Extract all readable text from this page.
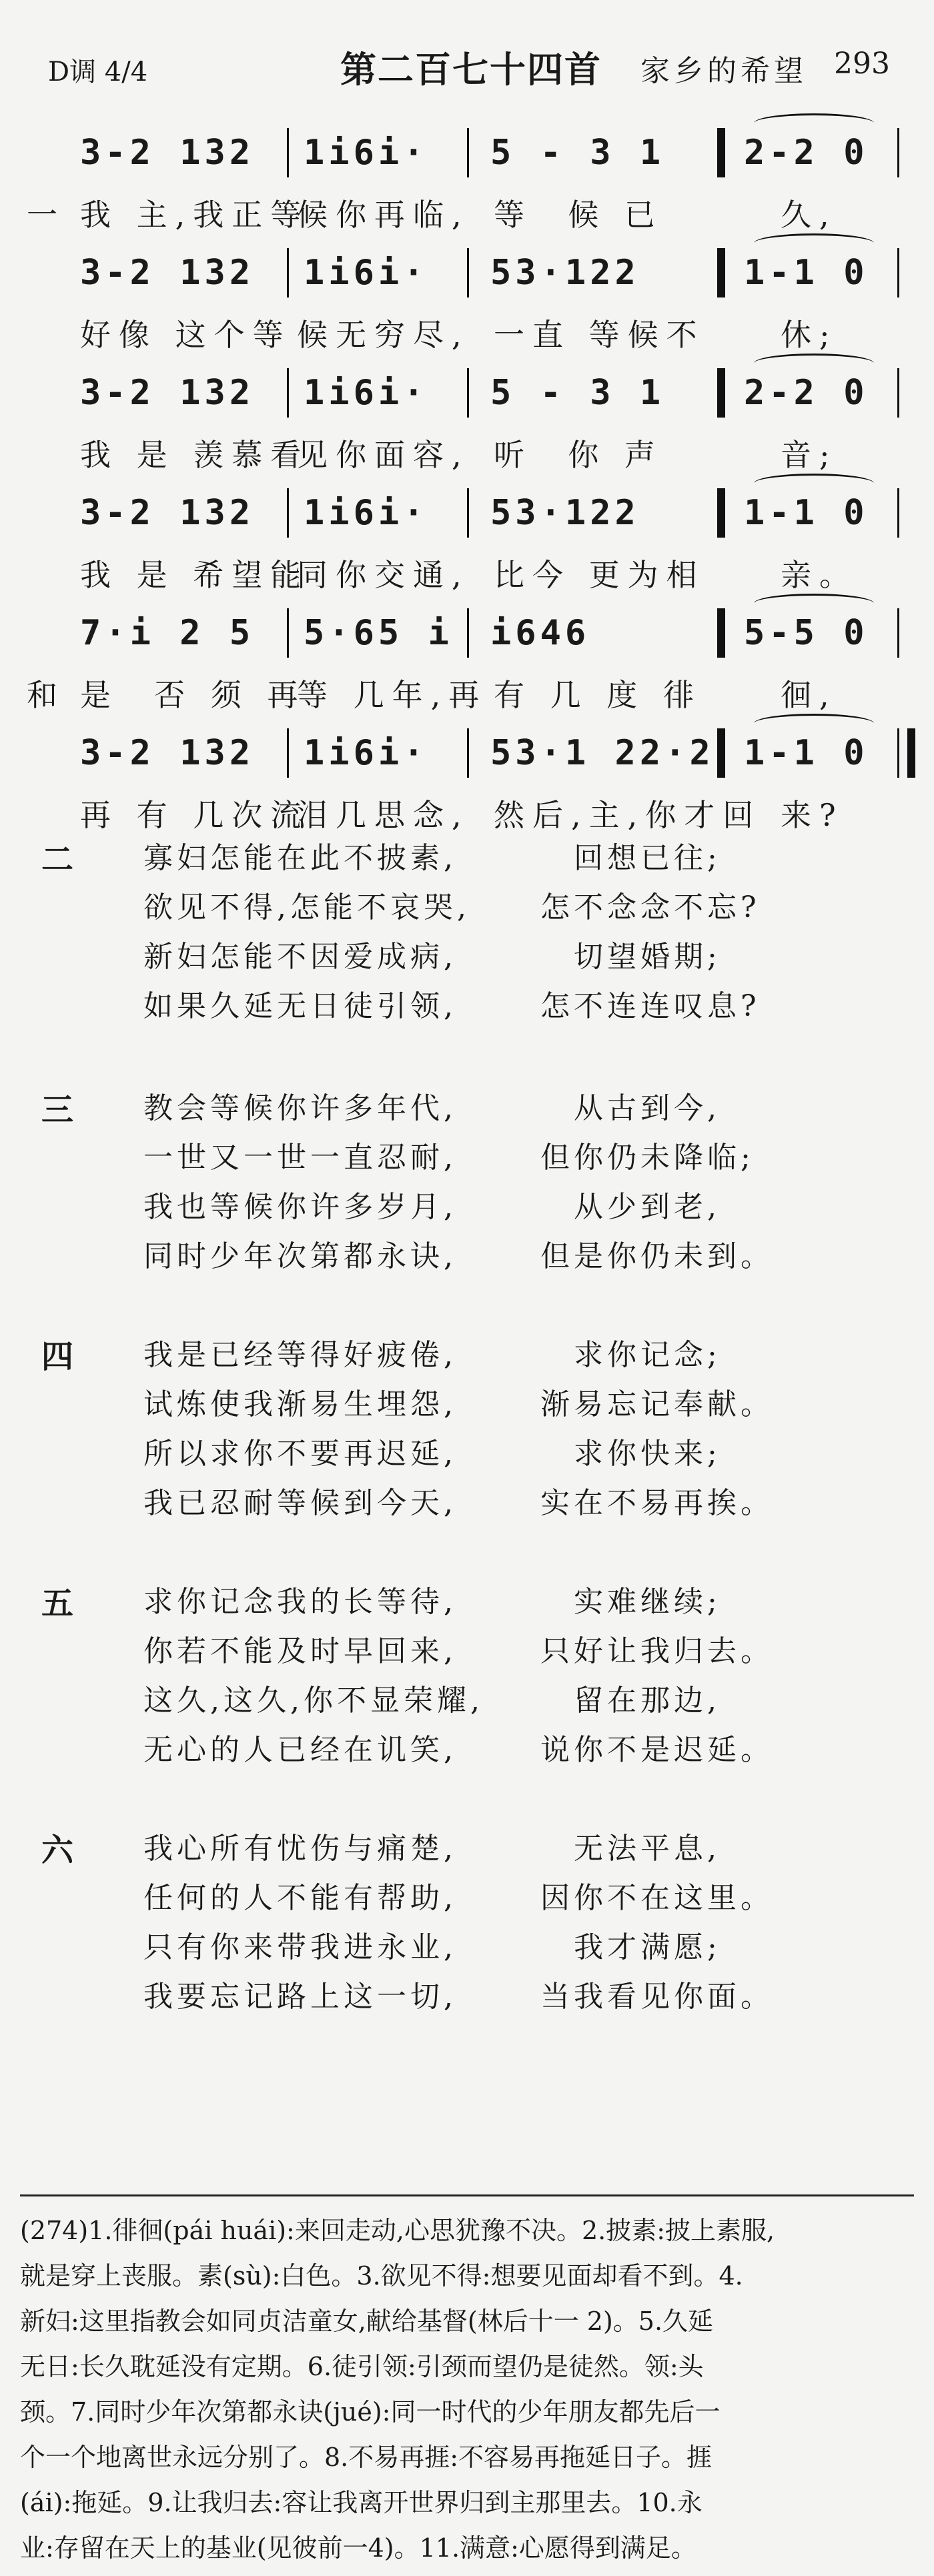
D调 4/4	第二百七十四首 家乡的希望 293
3-2 132 1i6i· 5 - 3 1 2-2 0
一 我 主,我正等
候你再临, 等  候 已	久,
3-2 132 1i6i· 53·122	1-1 0
好像 这个等 候无穷尽, 一直 等候不 休;
3-2 132 1i6i· 5 - 3 1 2-2 0
我 是 羡慕看
见你面容, 听  你 声	音;
3-2 132 1i6i· 53·122	1-1 0
我 是 希望能
同你交通, 比今 更为相 亲。
7·i 2 5 5·65 i i646	5-5 0
和 是  否 须 再
等 几年,再 有 几 度 徘	徊,
3-2 132 1i6i· 53·1 22·2 1-1 0
再 有 几次流
泪几思念, 然后,主,你才回 来?
二 寡妇怎能在此不披素,	回想已往;
欲见不得,怎能不哀哭, 怎不念念不忘?
新妇怎能不因爱成病,	切望婚期;
如果久延无日徒引领,	怎不连连叹息?
三 教会等候你许多年代,	从古到今,
一世又一世一直忍耐,	但你仍未降临;
我也等候你许多岁月,	从少到老,
同时少年次第都永诀,	但是你仍未到。
四 我是已经等得好疲倦,	求你记念;
试炼使我渐易生埋怨,	渐易忘记奉献。
所以求你不要再迟延,	求你快来;
我已忍耐等候到今天,	实在不易再挨。
五 求你记念我的长等待,	实难继续;
你若不能及时早回来,	只好让我归去。
这久,这久,你不显荣耀,	留在那边,
无心的人已经在讥笑,	说你不是迟延。
六 我心所有忧伤与痛楚,	无法平息,
任何的人不能有帮助,	因你不在这里。
只有你来带我进永业,	我才满愿;
我要忘记路上这一切,	当我看见你面。
(274)1.徘徊(pái huái):来回走动,心思犹豫不决。2.披素:披上素服,
就是穿上丧服。素(sù):白色。3.欲见不得:想要见面却看不到。4.
新妇:这里指教会如同贞洁童女,献给基督(林后十一 2)。5.久延
无日:长久耽延没有定期。6.徒引领:引颈而望仍是徒然。领:头
颈。7.同时少年次第都永诀(jué):同一时代的少年朋友都先后一
个一个地离世永远分别了。8.不易再捱:不容易再拖延日子。捱
(ái):拖延。9.让我归去:容让我离开世界归到主那里去。10.永
业:存留在天上的基业(见彼前一4)。11.满意:心愿得到满足。
